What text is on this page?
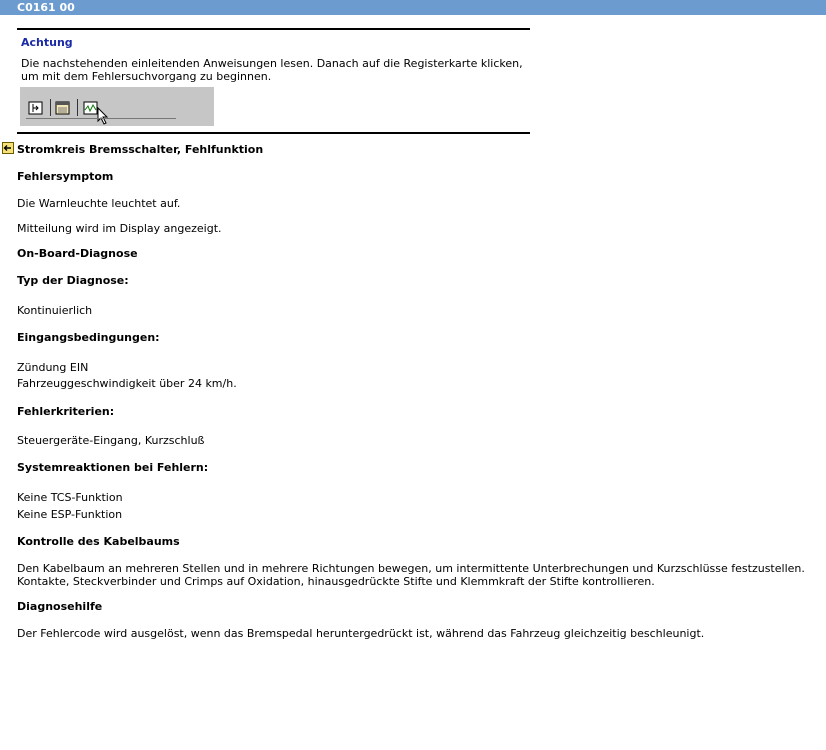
C0161 00
Achtung
Die nachstehenden einleitenden Anweisungen lesen. Danach auf die Registerkarte klicken, um mit dem Fehlersuchvorgang zu beginnen.
Stromkreis Bremsschalter, Fehlfunktion
Fehlersymptom
Die Warnleuchte leuchtet auf.
Mitteilung wird im Display angezeigt.
On-Board-Diagnose
Typ der Diagnose:
Kontinuierlich
Eingangsbedingungen:
Zündung EIN
Fahrzeuggeschwindigkeit über 24 km/h.
Fehlerkriterien:
Steuergeräte-Eingang, Kurzschluß
Systemreaktionen bei Fehlern:
Keine TCS-Funktion
Keine ESP-Funktion
Kontrolle des Kabelbaums
Den Kabelbaum an mehreren Stellen und in mehrere Richtungen bewegen, um intermittente Unterbrechungen und Kurzschlüsse festzustellen. Kontakte, Steckverbinder und Crimps auf Oxidation, hinausgedrückte Stifte und Klemmkraft der Stifte kontrollieren.
Diagnosehilfe
Der Fehlercode wird ausgelöst, wenn das Bremspedal heruntergedrückt ist, während das Fahrzeug gleichzeitig beschleunigt.
